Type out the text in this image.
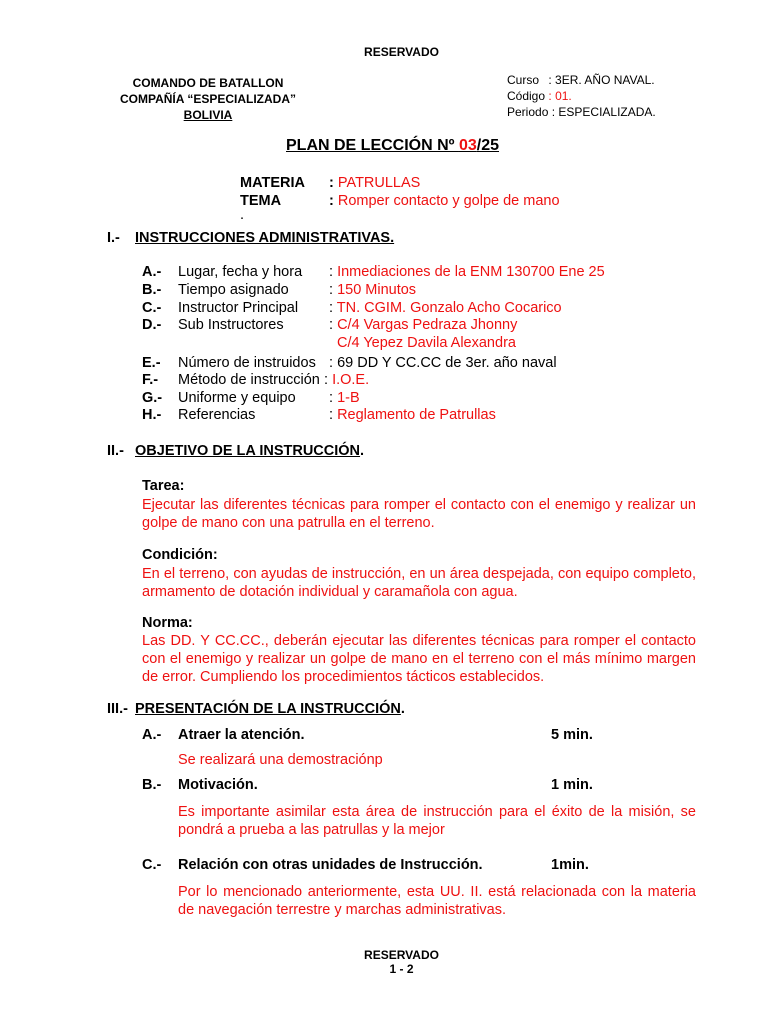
RESERVADO
COMANDO DE BATALLON
COMPAÑÍA “ESPECIALIZADA”
BOLIVIA
Curso : 3ER. AÑO NAVAL.
Código : 01.
Periodo : ESPECIALIZADA.
PLAN DE LECCIÓN Nº 03/25
MATERIA : PATRULLAS
TEMA	: Romper contacto y golpe de mano
.
I.- INSTRUCCIONES ADMINISTRATIVAS.
A.- Lugar, fecha y hora : Inmediaciones de la ENM 130700 Ene 25
B.- Tiempo asignado	: 150 Minutos
C.- Instructor Principal : TN. CGIM. Gonzalo Acho Cocarico
D.- Sub Instructores	: C/4 Vargas Pedraza Jhonny
C/4 Yepez Davila Alexandra
E.- Número de instruidos : 69 DD Y CC.CC de 3er. año naval
F.- Método de instrucción : I.O.E.
G.- Uniforme y equipo : 1-B
H.- Referencias	: Reglamento de Patrullas
II.- OBJETIVO DE LA INSTRUCCIÓN.
Tarea:
Ejecutar las diferentes técnicas para romper el contacto con el enemigo y realizar un golpe de mano con una patrulla en el terreno.
Condición:
En el terreno, con ayudas de instrucción, en un área despejada, con equipo completo, armamento de dotación individual y caramañola con agua.
Norma:
Las DD. Y CC.CC., deberán ejecutar las diferentes técnicas para romper el contacto con el enemigo y realizar un golpe de mano en el terreno con el más mínimo margen de error. Cumpliendo los procedimientos tácticos establecidos.
III.- PRESENTACIÓN DE LA INSTRUCCIÓN.
A.- Atraer la atención.	5 min.
Se realizará una demostraciónp
B.- Motivación.	1 min.
Es importante asimilar esta área de instrucción para el éxito de la misión, se pondrá a prueba a las patrullas y la mejor
C.- Relación con otras unidades de Instrucción.	1min.
Por lo mencionado anteriormente, esta UU. II. está relacionada con la materia de navegación terrestre y marchas administrativas.
RESERVADO
1 - 2
